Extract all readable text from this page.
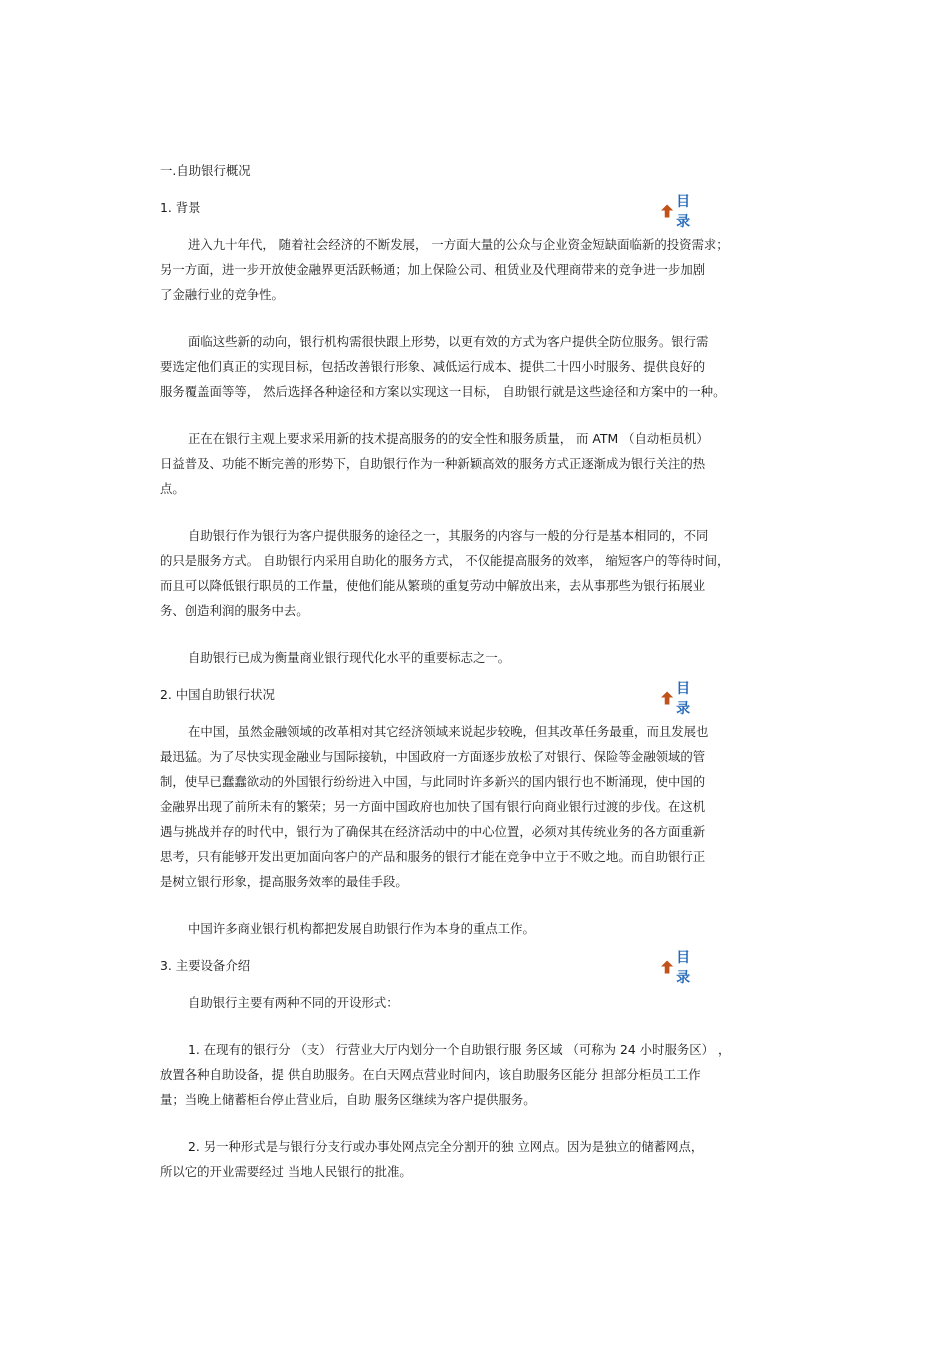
一.自助银行概况
1. 背景	目 录
进入九十年代， 随着社会经济的不断发展， 一方面大量的公众与企业资金短缺面临新的投资需求；
另一方面，进一步开放使金融界更活跃畅通；加上保险公司、租赁业及代理商带来的竞争进一步加剧
了金融行业的竞争性。
面临这些新的动向，银行机构需很快跟上形势，以更有效的方式为客户提供全防位服务。银行需
要选定他们真正的实现目标，包括改善银行形象、减低运行成本、提供二十四小时服务、提供良好的
服务覆盖面等等， 然后选择各种途径和方案以实现这一目标， 自助银行就是这些途径和方案中的一种。
正在在银行主观上要求采用新的技术提高服务的的安全性和服务质量， 而 ATM （自动柜员机）
日益普及、功能不断完善的形势下，自助银行作为一种新颖高效的服务方式正逐渐成为银行关注的热
点。
自助银行作为银行为客户提供服务的途径之一，其服务的内容与一般的分行是基本相同的，不同
的只是服务方式。 自助银行内采用自助化的服务方式， 不仅能提高服务的效率， 缩短客户的等待时间，
而且可以降低银行职员的工作量，使他们能从繁琐的重复劳动中解放出来，去从事那些为银行拓展业
务、创造利润的服务中去。
自助银行已成为衡量商业银行现代化水平的重要标志之一。
2. 中国自助银行状况	目 录
在中国，虽然金融领域的改革相对其它经济领域来说起步较晚，但其改革任务最重，而且发展也
最迅猛。为了尽快实现金融业与国际接轨，中国政府一方面逐步放松了对银行、保险等金融领域的管
制，使早已蠢蠢欲动的外国银行纷纷进入中国，与此同时许多新兴的国内银行也不断涌现，使中国的
金融界出现了前所未有的繁荣；另一方面中国政府也加快了国有银行向商业银行过渡的步伐。在这机
遇与挑战并存的时代中，银行为了确保其在经济活动中的中心位置，必须对其传统业务的各方面重新
思考，只有能够开发出更加面向客户的产品和服务的银行才能在竞争中立于不败之地。而自助银行正
是树立银行形象，提高服务效率的最佳手段。
中国许多商业银行机构都把发展自助银行作为本身的重点工作。
3. 主要设备介绍	目 录
自助银行主要有两种不同的开设形式：
1. 在现有的银行分 （支） 行营业大厅内划分一个自助银行服 务区域 （可称为 24 小时服务区） ，
放置各种自助设备，提 供自助服务。在白天网点营业时间内，该自助服务区能分 担部分柜员工工作
量；当晚上储蓄柜台停止营业后，自助 服务区继续为客户提供服务。
2. 另一种形式是与银行分支行或办事处网点完全分割开的独 立网点。因为是独立的储蓄网点，
所以它的开业需要经过 当地人民银行的批准。
